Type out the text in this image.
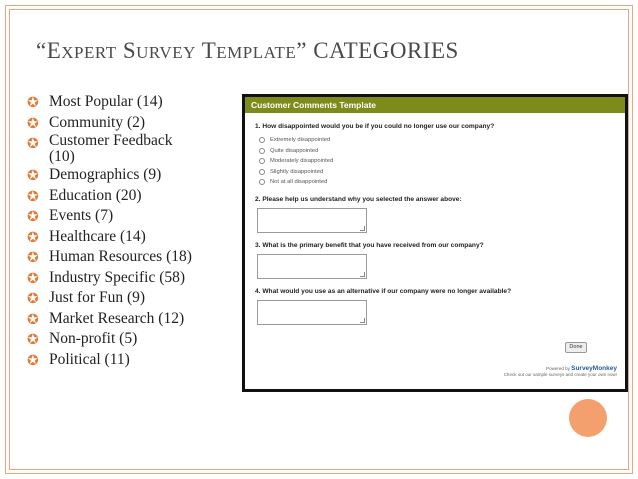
“EXPERT SURVEY TEMPLATE” CATEGORIES
✪ Most Popular (14)
✪ Community (2)
✪ Customer Feedback (10)
✪ Demographics (9)
✪ Education (20)
✪ Events (7)
✪ Healthcare (14)
✪ Human Resources (18)
✪ Industry Specific (58)
✪ Just for Fun (9)
✪ Market Research (12)
✪ Non-profit (5)
✪ Political (11)
Customer Comments Template
1. How disappointed would you be if you could no longer use our company?
Extremely disappointed
Quite disappointed
Moderately disappointed
Slightly disappointed
Not at all disappointed
2. Please help us understand why you selected the answer above:
3. What is the primary benefit that you have received from our company?
4. What would you use as an alternative if our company were no longer available?
Done
Powered by SurveyMonkey
Check out our sample surveys and create your own now!
